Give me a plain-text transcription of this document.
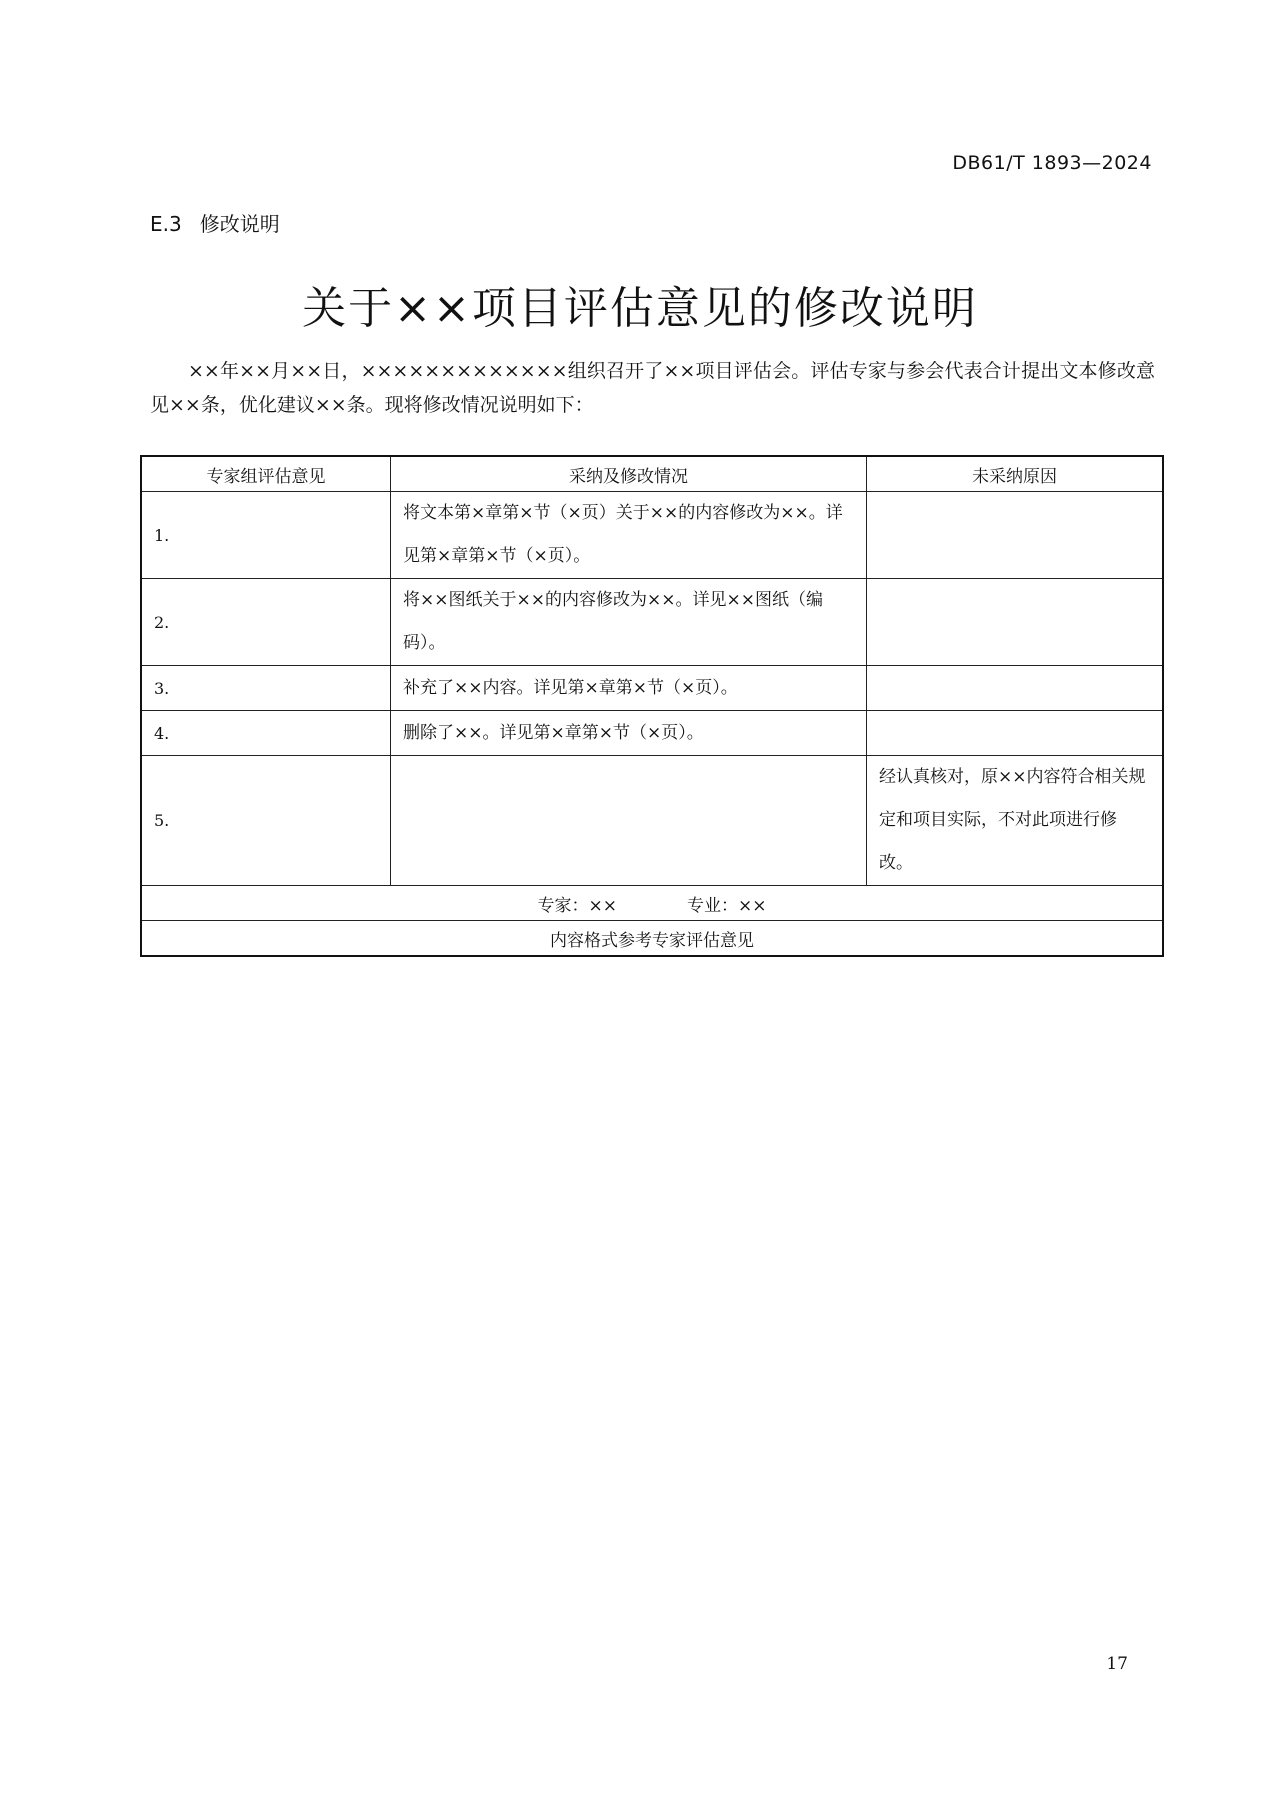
DB61/T 1893—2024
E.3 修改说明
关于××项目评估意见的修改说明

××年××月××日，×××××××××××××组织召开了××项目评估会。评估专家与参会代表合计提出文本修改意见××条，优化建议××条。现将修改情况说明如下：

专家组评估意见	采纳及修改情况	未采纳原因
1.	将文本第×章第×节（×页）关于××的内容修改为××。详见第×章第×节（×页）。	
2.	将××图纸关于××的内容修改为××。详见××图纸（编码）。	
3.	补充了××内容。详见第×章第×节（×页）。	
4.	删除了××。详见第×章第×节（×页）。	
5.		经认真核对，原××内容符合相关规定和项目实际，不对此项进行修改。
专家：×× 专业：××		
内容格式参考专家评估意见		
17
